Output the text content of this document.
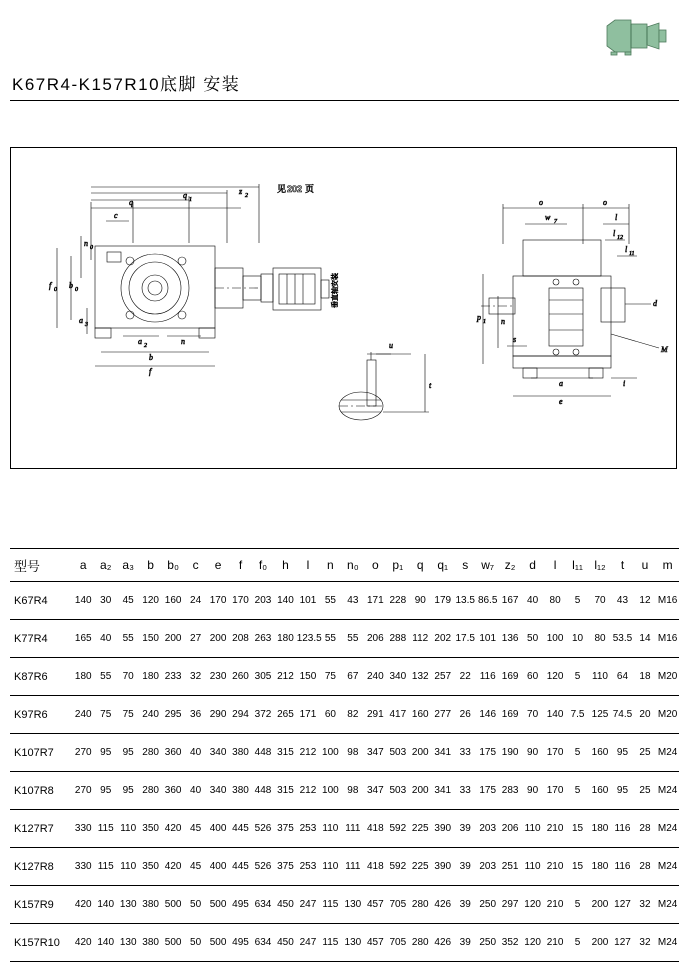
K67R4-K157R10底脚 安装
q
q 1
z 2
见 202 页
c
n 0
f 0 b 0
a 3
垂直轴安装
a 2	n
b
f
u
t
o	o
w 7	l
l 12
l 11
d
M
p 1 n
s
a	i
e
型号	a	a₂	a₃	b	b₀	c	e	f	f₀	h	l	n	n₀	o	p₁	q	q₁	s	w₇	z₂	d	l	l₁₁	l₁₂	t	u	m
K67R4	140	30	45	120	160	24	170	170	203	140	101	55	43	171	228	90	179	13.5	86.5	167	40	80	5	70	43	12	M16
K77R4	165	40	55	150	200	27	200	208	263	180	123.5	55	55	206	288	112	202	17.5	101	136	50	100	10	80	53.5	14	M16
K87R6	180	55	70	180	233	32	230	260	305	212	150	75	67	240	340	132	257	22	116	169	60	120	5	110	64	18	M20
K97R6	240	75	75	240	295	36	290	294	372	265	171	60	82	291	417	160	277	26	146	169	70	140	7.5	125	74.5	20	M20
K107R7	270	95	95	280	360	40	340	380	448	315	212	100	98	347	503	200	341	33	175	190	90	170	5	160	95	25	M24
K107R8	270	95	95	280	360	40	340	380	448	315	212	100	98	347	503	200	341	33	175	283	90	170	5	160	95	25	M24
K127R7	330	115	110	350	420	45	400	445	526	375	253	110	111	418	592	225	390	39	203	206	110	210	15	180	116	28	M24
K127R8	330	115	110	350	420	45	400	445	526	375	253	110	111	418	592	225	390	39	203	251	110	210	15	180	116	28	M24
K157R9	420	140	130	380	500	50	500	495	634	450	247	115	130	457	705	280	426	39	250	297	120	210	5	200	127	32	M24
K157R10	420	140	130	380	500	50	500	495	634	450	247	115	130	457	705	280	426	39	250	352	120	210	5	200	127	32	M24
